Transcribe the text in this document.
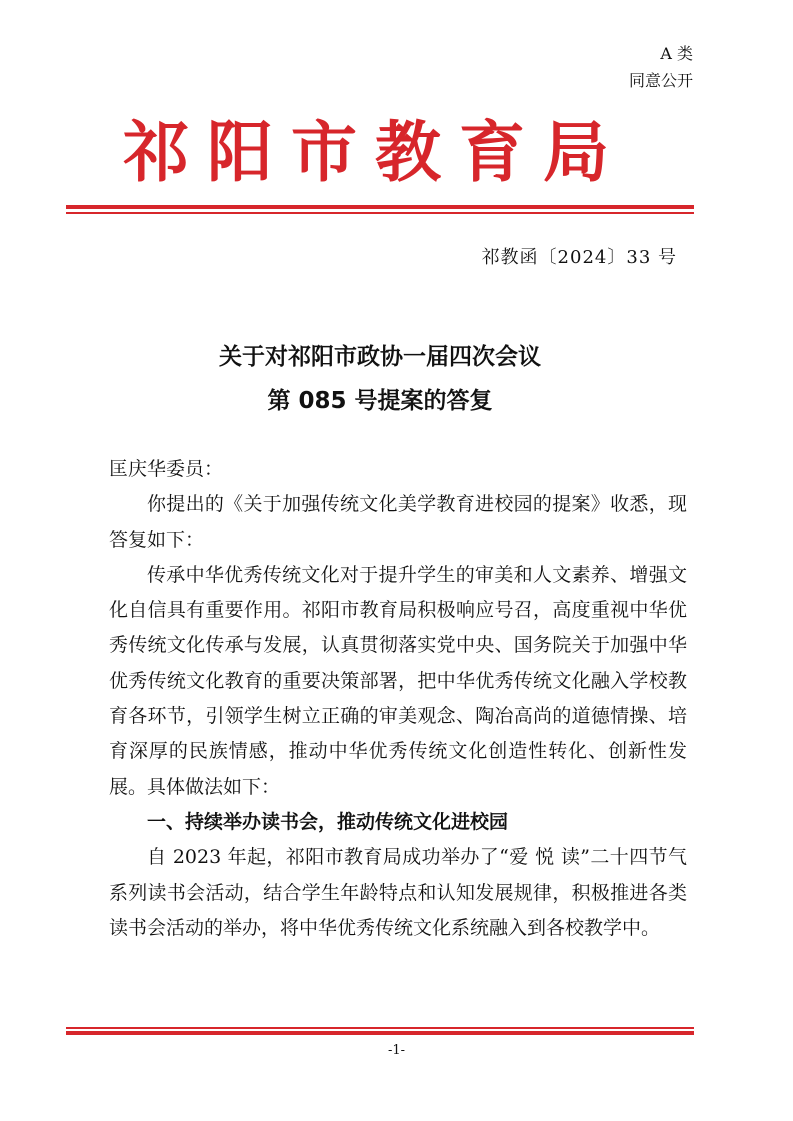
A 类
同意公开
祁阳市教育局
祁教函〔2024〕33 号
关于对祁阳市政协一届四次会议
第 085 号提案的答复

匡庆华委员：

你提出的《关于加强传统文化美学教育进校园的提案》收悉，现答复如下：

传承中华优秀传统文化对于提升学生的审美和人文素养、增强文化自信具有重要作用。祁阳市教育局积极响应号召，高度重视中华优秀传统文化传承与发展，认真贯彻落实党中央、国务院关于加强中华优秀传统文化教育的重要决策部署，把中华优秀传统文化融入学校教育各环节，引领学生树立正确的审美观念、陶冶高尚的道德情操、培育深厚的民族情感，推动中华优秀传统文化创造性转化、创新性发展。具体做法如下：

一、持续举办读书会，推动传统文化进校园

自 2023 年起，祁阳市教育局成功举办了“爱 悦 读”二十四节气系列读书会活动，结合学生年龄特点和认知发展规律，积极推进各类读书会活动的举办，将中华优秀传统文化系统融入到各校教学中。

-1-
